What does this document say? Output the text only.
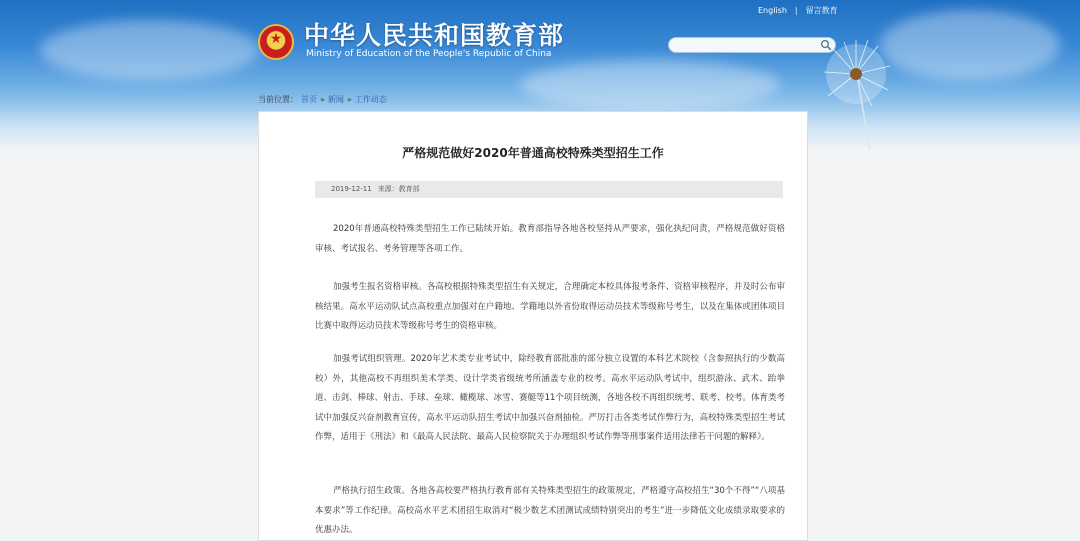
★
中华人民共和国教育部
Ministry of Education of the People's Republic of China
English | 留言教育
当前位置： 首页 » 新闻 » 工作动态
严格规范做好2020年普通高校特殊类型招生工作
2019-12-11 来源：教育部

2020年普通高校特殊类型招生工作已陆续开始。教育部指导各地各校坚持从严要求，强化执纪问责，严格规范做好资格审核、考试报名、考务管理等各项工作。

加强考生报名资格审核。各高校根据特殊类型招生有关规定，合理确定本校具体报考条件、资格审核程序，并及时公布审核结果。高水平运动队试点高校重点加强对在户籍地、学籍地以外省份取得运动员技术等级称号考生，以及在集体或团体项目比赛中取得运动员技术等级称号考生的资格审核。

加强考试组织管理。2020年艺术类专业考试中，除经教育部批准的部分独立设置的本科艺术院校（含参照执行的少数高校）外，其他高校不再组织美术学类、设计学类省级统考所涵盖专业的校考。高水平运动队考试中，组织游泳、武术、跆拳道、击剑、棒球、射击、手球、垒球、橄榄球、冰雪、赛艇等11个项目统测，各地各校不再组织统考、联考、校考。体育类考试中加强反兴奋剂教育宣传，高水平运动队招生考试中加强兴奋剂抽检。严厉打击各类考试作弊行为，高校特殊类型招生考试作弊，适用于《刑法》和《最高人民法院、最高人民检察院关于办理组织考试作弊等刑事案件适用法律若干问题的解释》。

严格执行招生政策。各地各高校要严格执行教育部有关特殊类型招生的政策规定，严格遵守高校招生“30个不得”“八项基本要求”等工作纪律。高校高水平艺术团招生取消对“极少数艺术团测试成绩特别突出的考生”进一步降低文化成绩录取要求的优惠办法。
